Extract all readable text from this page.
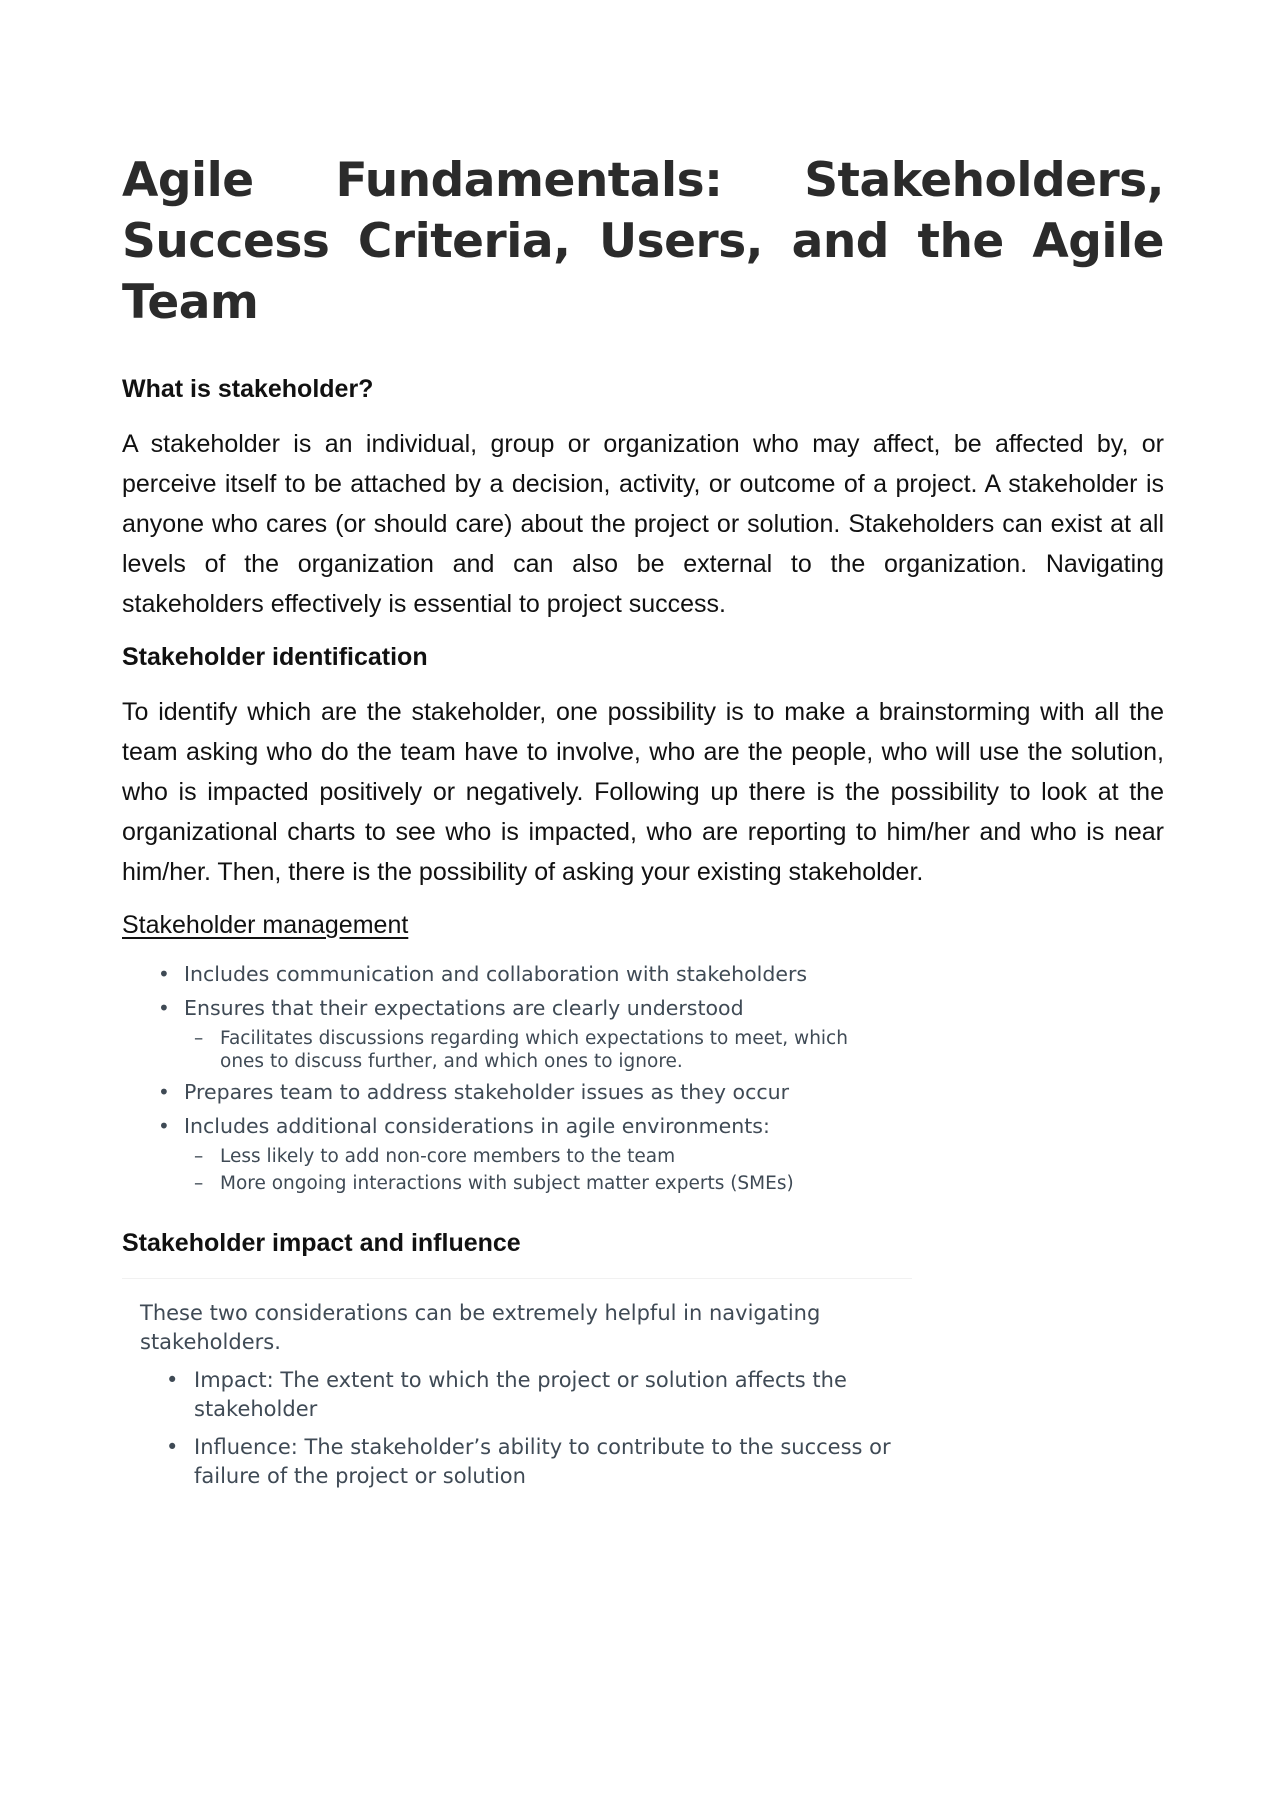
Agile Fundamentals: Stakeholders, Success Criteria, Users, and the Agile Team
What is stakeholder?

A stakeholder is an individual, group or organization who may affect, be affected by, or perceive itself to be attached by a decision, activity, or outcome of a project. A stakeholder is anyone who cares (or should care) about the project or solution. Stakeholders can exist at all levels of the organization and can also be external to the organization. Navigating stakeholders effectively is essential to project success.

Stakeholder identification

To identify which are the stakeholder, one possibility is to make a brainstorming with all the team asking who do the team have to involve, who are the people, who will use the solution, who is impacted positively or negatively. Following up there is the possibility to look at the organizational charts to see who is impacted, who are reporting to him/her and who is near him/her. Then, there is the possibility of asking your existing stakeholder.

Stakeholder management
• Includes communication and collaboration with stakeholders
• Ensures that their expectations are clearly understood
– Facilitates discussions regarding which expectations to meet, which ones to discuss further, and which ones to ignore.
• Prepares team to address stakeholder issues as they occur
• Includes additional considerations in agile environments:
– Less likely to add non-core members to the team
– More ongoing interactions with subject matter experts (SMEs)
Stakeholder impact and influence
These two considerations can be extremely helpful in navigating stakeholders.
• Impact: The extent to which the project or solution affects the stakeholder
• Influence: The stakeholder’s ability to contribute to the success or failure of the project or solution
